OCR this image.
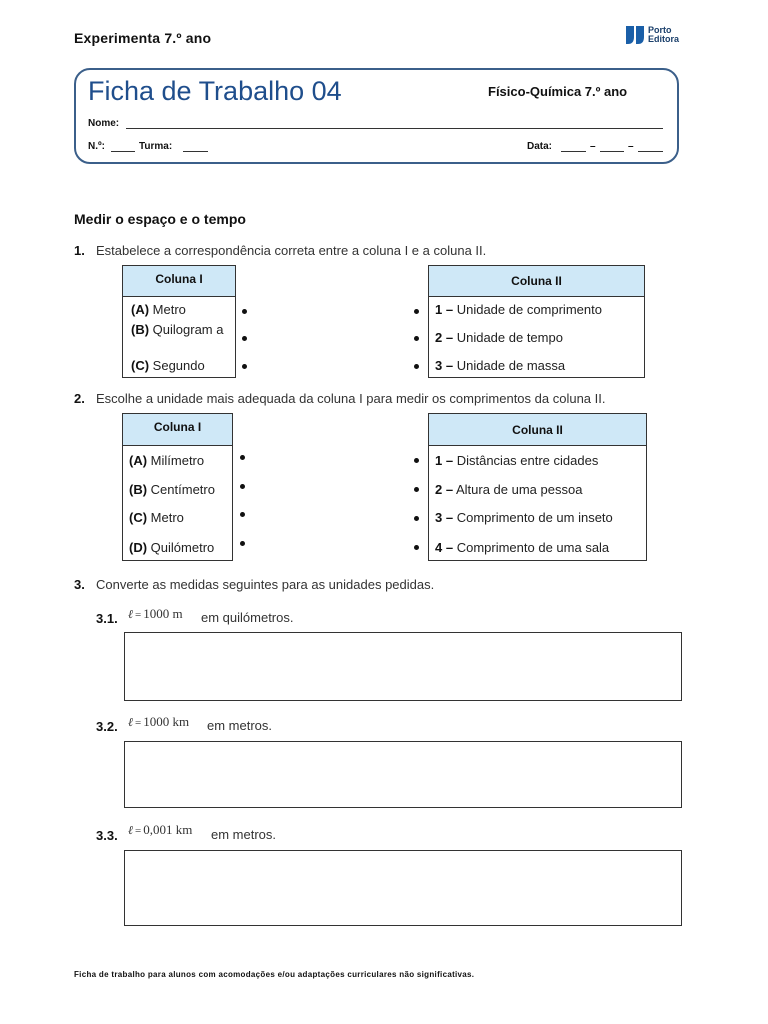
Experimenta 7.º ano	Porto
Editora
Ficha de Trabalho 04	Físico-Química 7.º ano
Nome:
N.º:	Turma:	Data:	–	–
Medir o espaço e o tempo
1. Estabelece a correspondência correta entre a coluna I e a coluna II.
Coluna I
(A) Metro
(B) Quilogram a
(C) Segundo
Coluna II
1 – Unidade de comprimento
2 – Unidade de tempo
3 – Unidade de massa
2. Escolhe a unidade mais adequada da coluna I para medir os comprimentos da coluna II.
Coluna I
(A) Milímetro
(B) Centímetro
(C) Metro
(D) Quilómetro
Coluna II
1 – Distâncias entre cidades
2 – Altura de uma pessoa
3 – Comprimento de um inseto
4 – Comprimento de uma sala
3. Converte as medidas seguintes para as unidades pedidas.
3.1. ℓ = 1000 m em quilómetros.
3.2. ℓ = 1000 km em metros.
3.3. ℓ = 0,001 km em metros.
Ficha de trabalho para alunos com acomodações e/ou adaptações curriculares não significativas.
